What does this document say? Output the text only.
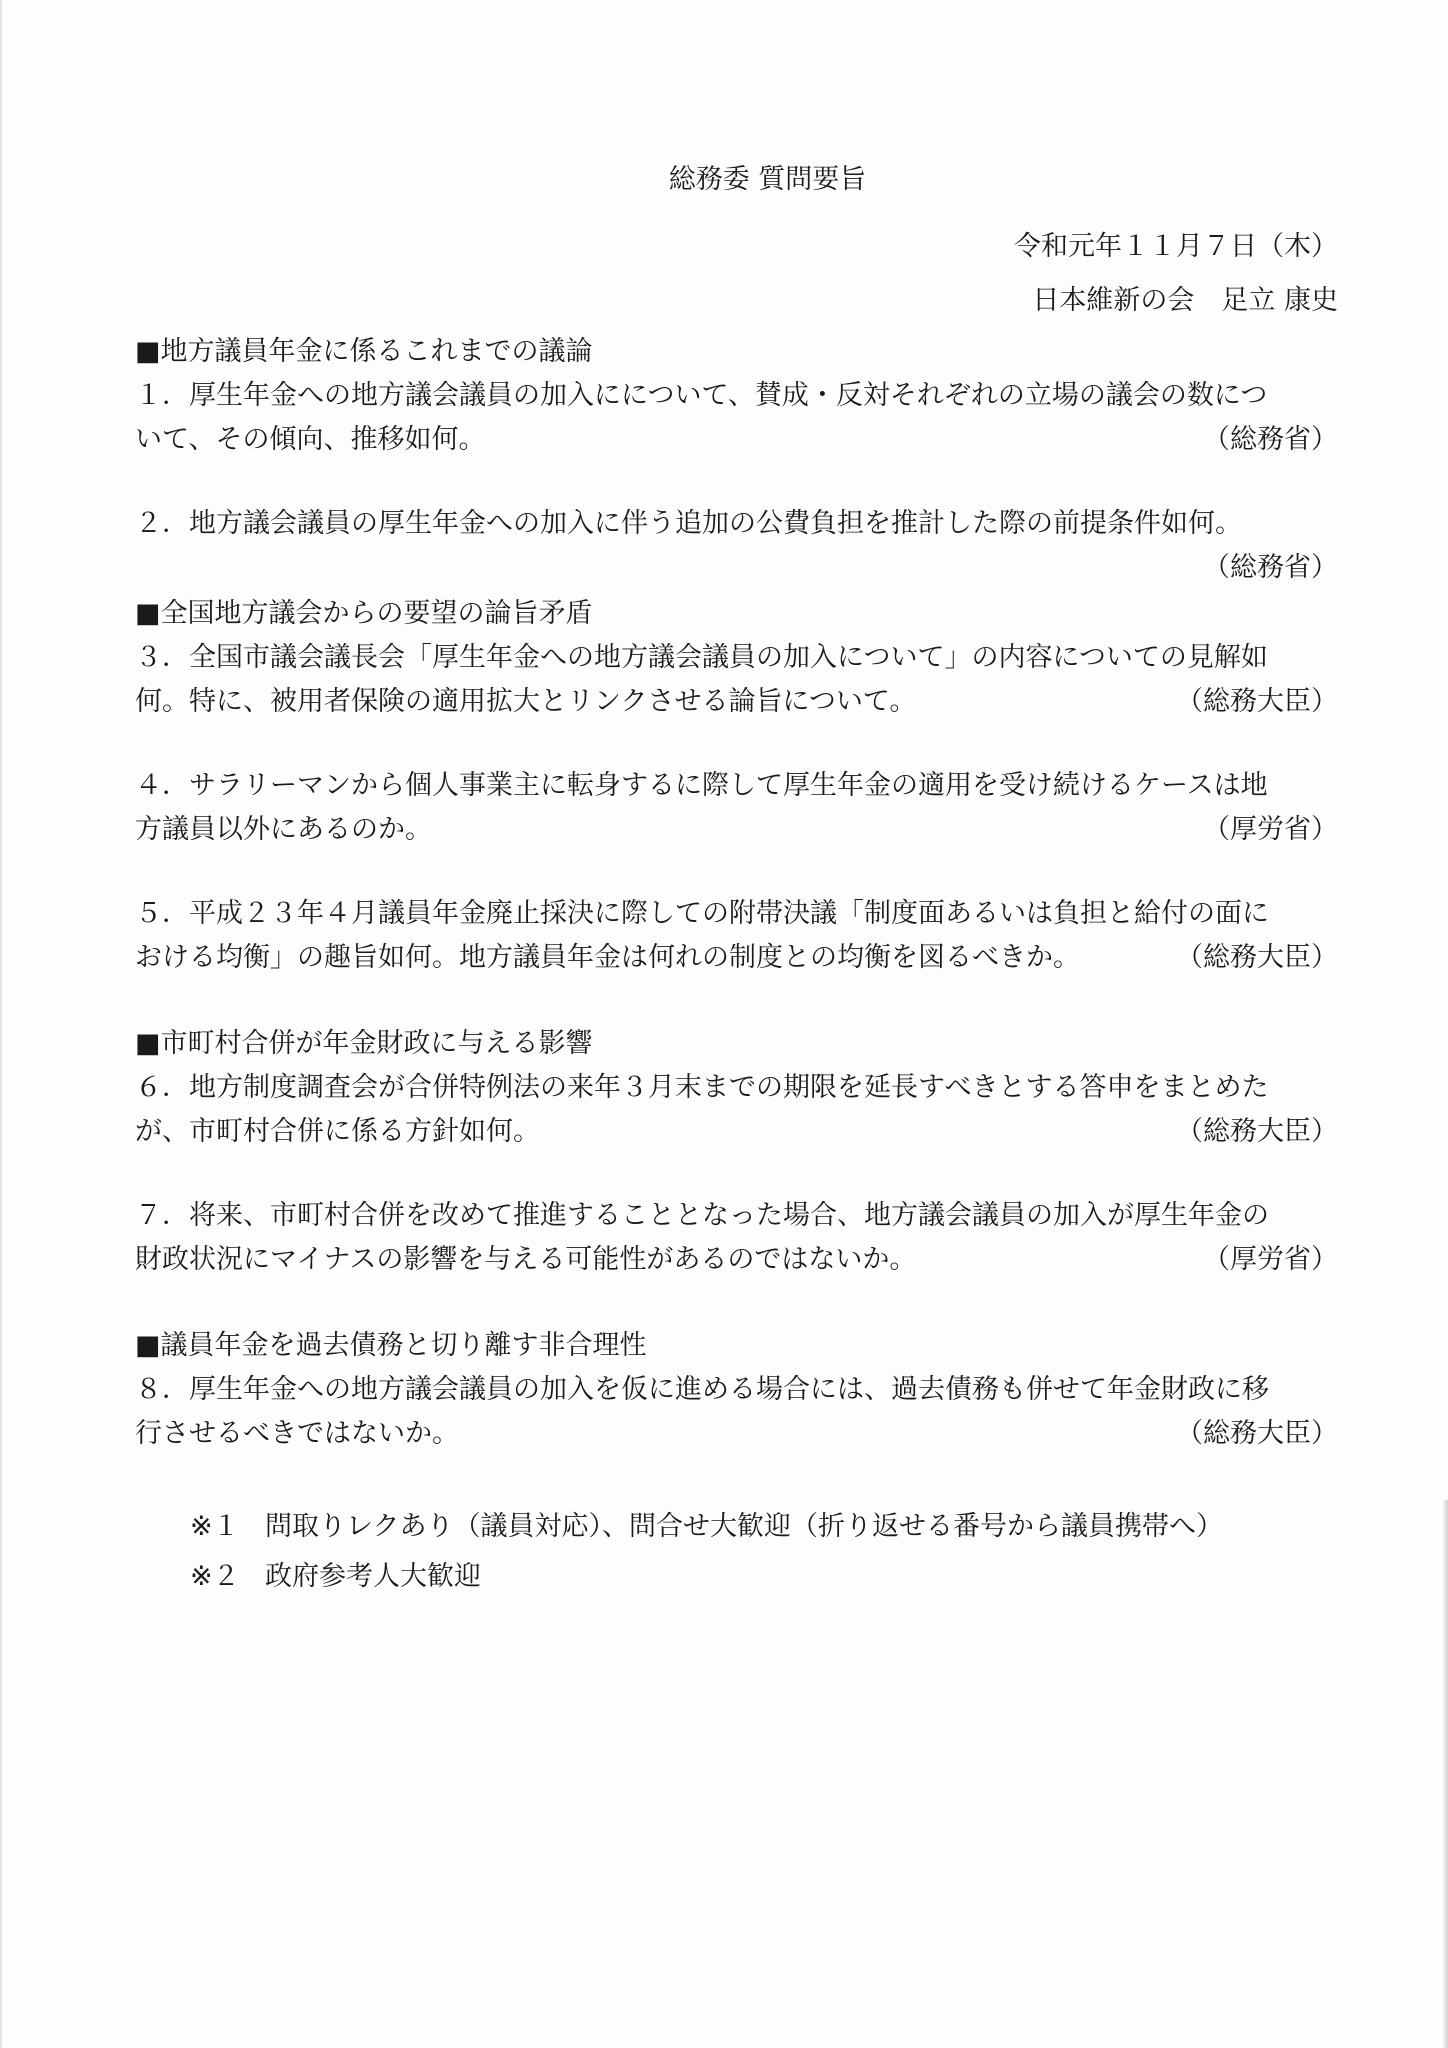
総務委 質問要旨
令和元年１１月７日（木）
日本維新の会　足立 康史
■地方議員年金に係るこれまでの議論
１．厚生年金への地方議会議員の加入にについて、賛成・反対それぞれの立場の議会の数につ
いて、その傾向、推移如何。	（総務省）
２．地方議会議員の厚生年金への加入に伴う追加の公費負担を推計した際の前提条件如何。
（総務省）
■全国地方議会からの要望の論旨矛盾
３．全国市議会議長会「厚生年金への地方議会議員の加入について」の内容についての見解如
何。特に、被用者保険の適用拡大とリンクさせる論旨について。	（総務大臣）
４．サラリーマンから個人事業主に転身するに際して厚生年金の適用を受け続けるケースは地
方議員以外にあるのか。	（厚労省）
５．平成２３年４月議員年金廃止採決に際しての附帯決議「制度面あるいは負担と給付の面に
おける均衡」の趣旨如何。地方議員年金は何れの制度との均衡を図るべきか。	（総務大臣）
■市町村合併が年金財政に与える影響
６．地方制度調査会が合併特例法の来年３月末までの期限を延長すべきとする答申をまとめた
が、市町村合併に係る方針如何。	（総務大臣）
７．将来、市町村合併を改めて推進することとなった場合、地方議会議員の加入が厚生年金の
財政状況にマイナスの影響を与える可能性があるのではないか。	（厚労省）
■議員年金を過去債務と切り離す非合理性
８．厚生年金への地方議会議員の加入を仮に進める場合には、過去債務も併せて年金財政に移
行させるべきではないか。	（総務大臣）
※１ 問取りレクあり（議員対応）、問合せ大歓迎（折り返せる番号から議員携帯へ）
※２ 政府参考人大歓迎
